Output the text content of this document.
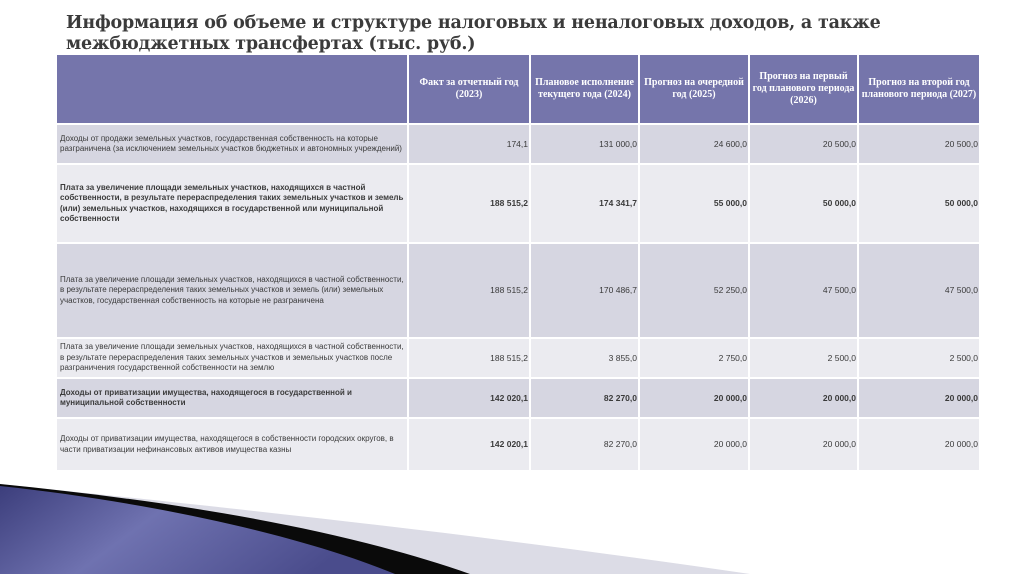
Информация об объеме и структуре налоговых и неналоговых доходов, а также межбюджетных трансфертах (тыс. руб.)
	Факт за отчетный год (2023)	Плановое исполнение текущего года (2024)	Прогноз на очередной год (2025)	Прогноз на первый год планового периода (2026)	Прогноз на второй год планового периода (2027)
Доходы от продажи земельных участков, государственная собственность на которые разграничена (за исключением земельных участков бюджетных и автономных учреждений)	174,1	131 000,0	24 600,0	20 500,0	20 500,0
Плата за увеличение площади земельных участков, находящихся в частной собственности, в результате перераспределения таких земельных участков и земель (или) земельных участков, находящихся в государственной или муниципальной собственности	188 515,2	174 341,7	55 000,0	50 000,0	50 000,0
Плата за увеличение площади земельных участков, находящихся в частной собственности, в результате перераспределения таких земельных участков и земель (или) земельных участков, государственная собственность на которые не разграничена	188 515,2	170 486,7	52 250,0	47 500,0	47 500,0
Плата за увеличение площади земельных участков, находящихся в частной собственности, в результате перераспределения таких земельных участков и земельных участков после разграничения государственной собственности на землю	188 515,2	3 855,0	2 750,0	2 500,0	2 500,0
Доходы от приватизации имущества, находящегося в государственной и муниципальной собственности	142 020,1	82 270,0	20 000,0	20 000,0	20 000,0
Доходы от приватизации имущества, находящегося в собственности городских округов, в части приватизации нефинансовых активов имущества казны	142 020,1	82 270,0	20 000,0	20 000,0	20 000,0
